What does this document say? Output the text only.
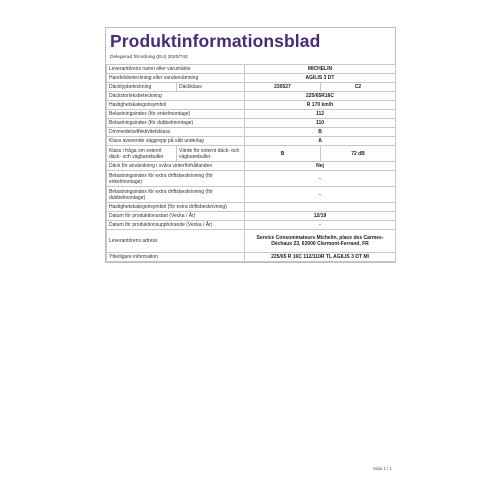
Produktinformationsblad
Delegerad förordning (EU) 2020/740
Leverantörens namn eller varumärke		MICHELIN	
Handelsbeteckning eller varubenämning		AGILIS 3 DT	
Däcktypbeteckning	Däckklass	230527	C2
Däckstorleksbeteckning		225/65R16C	
Hastighetskategorisymbol		R 170 km/h	
Belastningsindex (för enkelmontage)		112	
Belastningsindex (för dubbelmontage)		110	
Drivmedelseffektivitetsklass		B	
Klass avseende väggrepp på vått underlag		A	
Klass i fråga om externt däck- och vägbanebuller	Värde för externt däck- och vägbanebuller	B	72 dB
Däck för användning i svåra vinterförhållanden		Nej	
Belastningsindex för extra driftsbeskrivning (för enkelmontage)		-	
Belastningsindex för extra driftsbeskrivning (för dubbelmontage)		-	
Hastighetskategorisymbol (för extra driftsbeskrivning)			
Datum för produktionsstart (Vecka / År)		12/19	
Datum för produktionsupphörande (Vecka / År)		-	
Leverantörens adress		Service Consommateurs Michelin, place des Carmes-Déchaux 23, 63000 Clermont-Ferrand, FR	
Ytterligare information		225/65 R 16C 112/110R TL AGILIS 3 DT MI	
Sida 1 / 1
